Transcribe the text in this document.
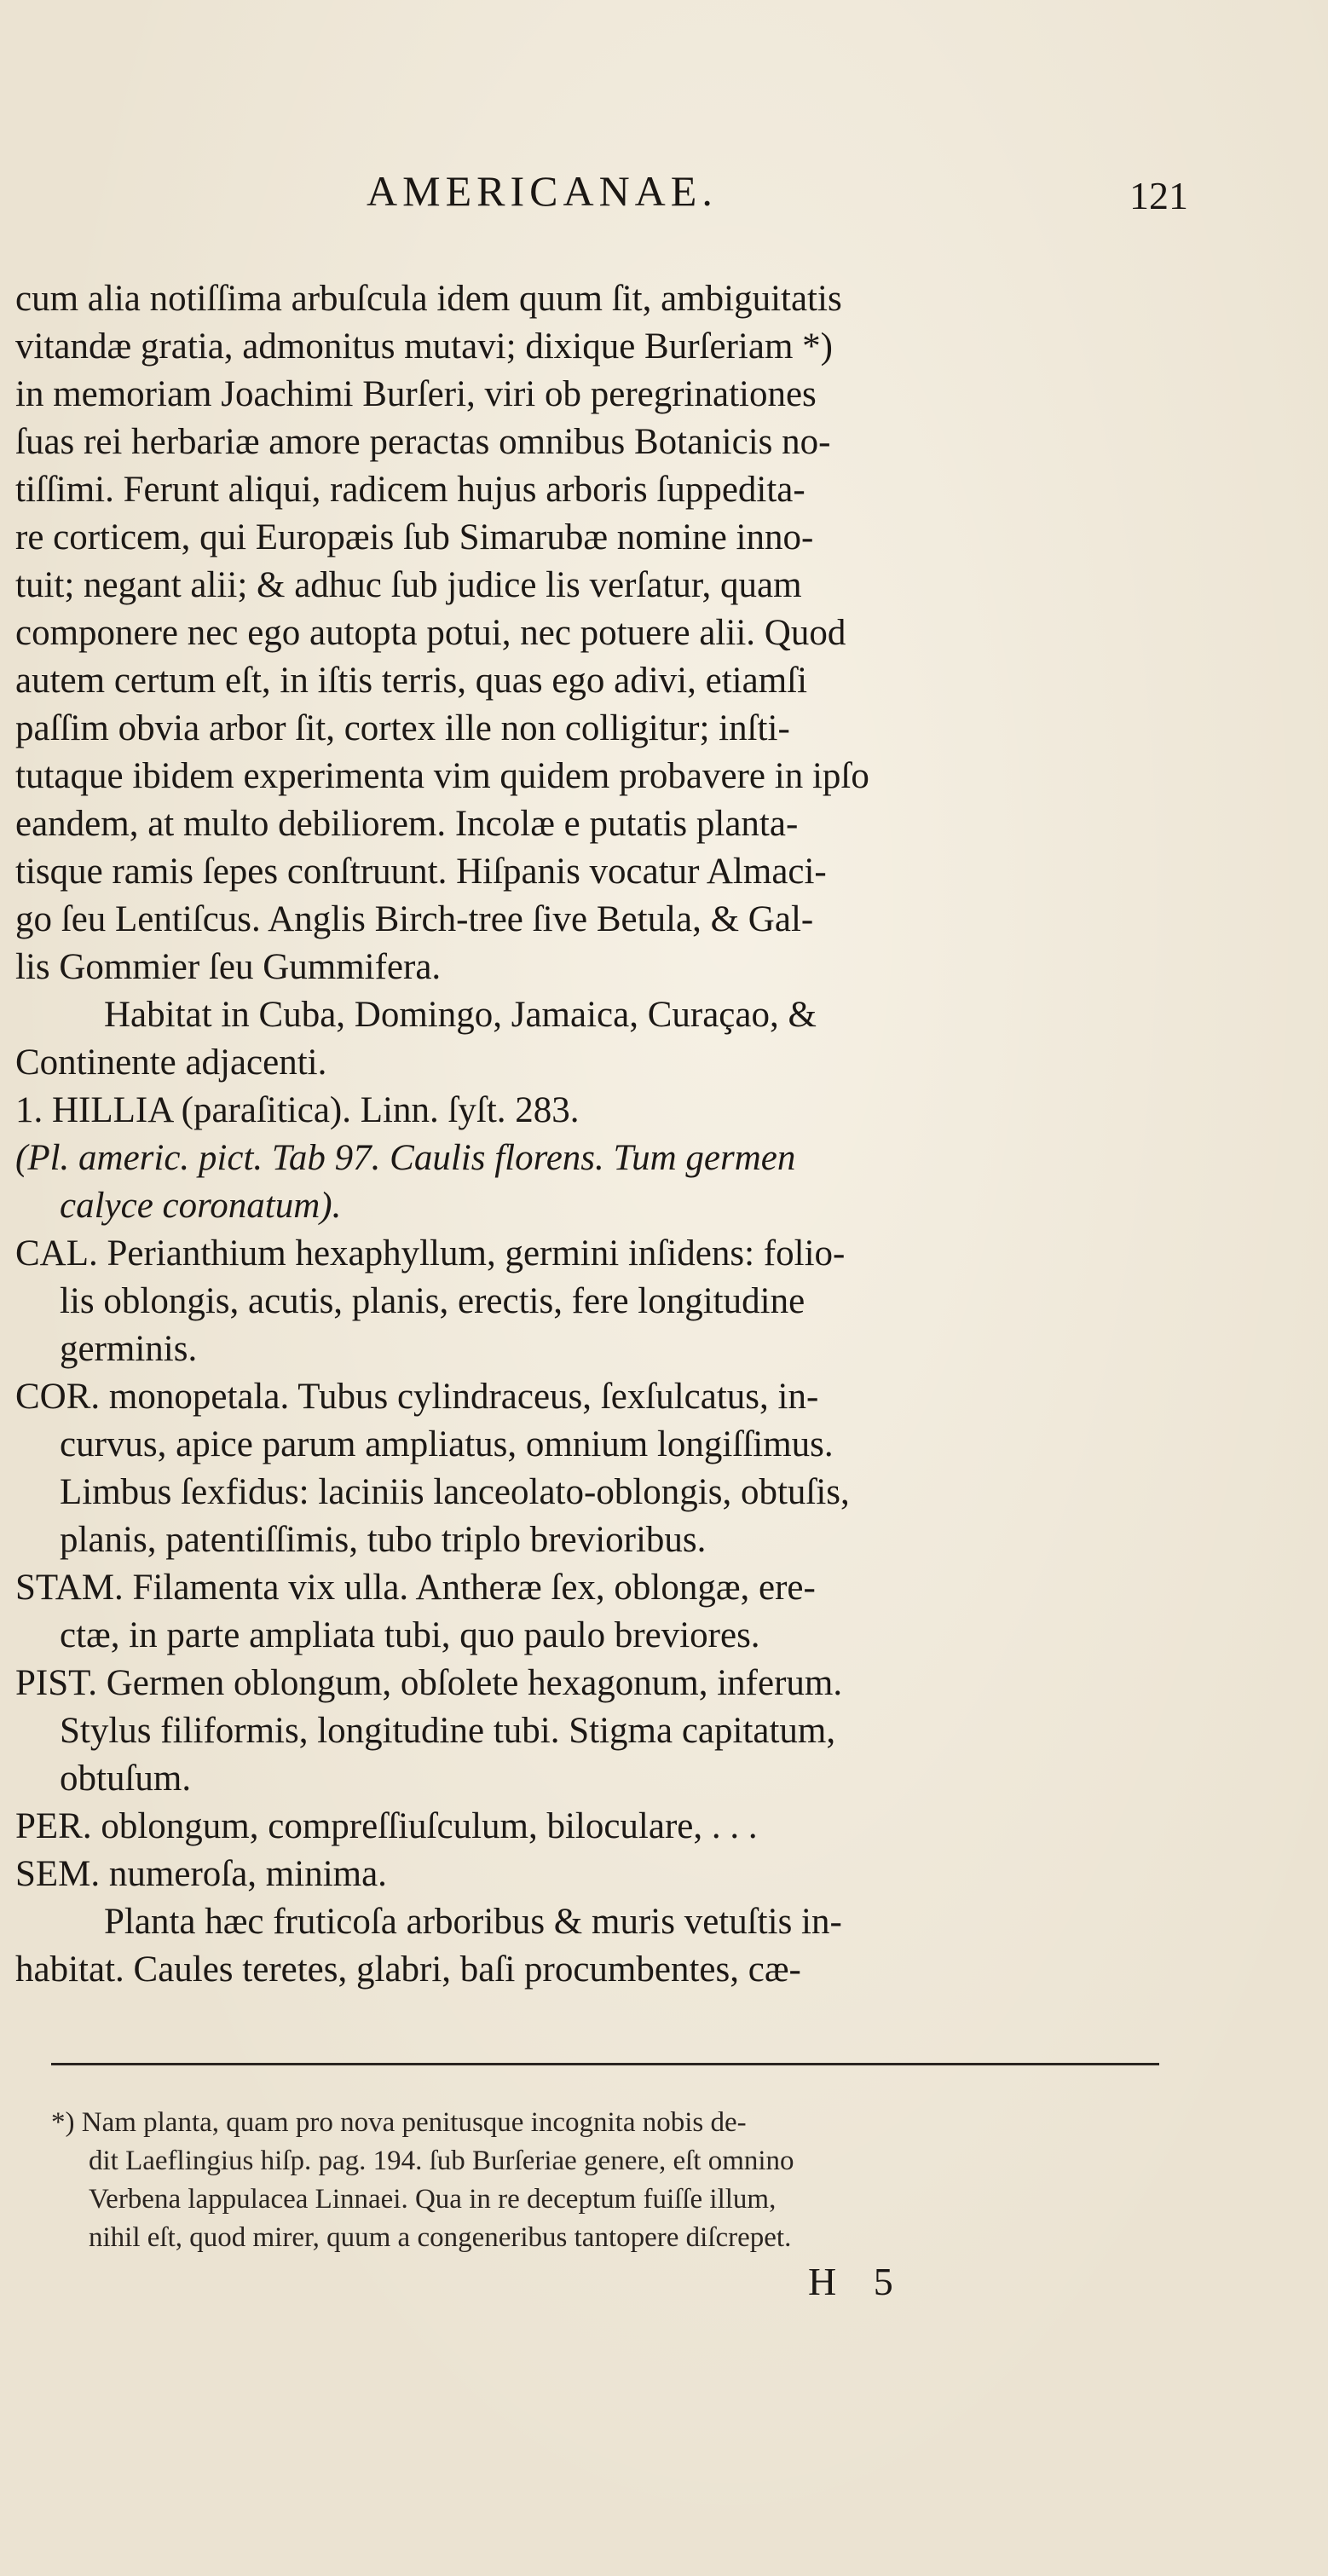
AMERICANAE.	121
cum alia notiſſima arbuſcula idem quum ſit, ambiguitatis
vitandæ gratia, admonitus mutavi; dixique Burſeriam *)
in memoriam Joachimi Burſeri, viri ob peregrinationes
ſuas rei herbariæ amore peractas omnibus Botanicis no-
tiſſimi. Ferunt aliqui, radicem hujus arboris ſuppedita-
re corticem, qui Europæis ſub Simarubæ nomine inno-
tuit; negant alii; & adhuc ſub judice lis verſatur, quam
componere nec ego autopta potui, nec potuere alii. Quod
autem certum eſt, in iſtis terris, quas ego adivi, etiamſi
paſſim obvia arbor ſit, cortex ille non colligitur; inſti-
tutaque ibidem experimenta vim quidem probavere in ipſo
eandem, at multo debiliorem. Incolæ e putatis planta-
tisque ramis ſepes conſtruunt. Hiſpanis vocatur Almaci-
go ſeu Lentiſcus. Anglis Birch-tree ſive Betula, & Gal-
lis Gommier ſeu Gummifera.
Habitat in Cuba, Domingo, Jamaica, Curaçao, &
Continente adjacenti.
1. HILLIA (paraſitica). Linn. ſyſt. 283.
(Pl. americ. pict. Tab 97. Caulis florens. Tum germen
calyce coronatum).
CAL. Perianthium hexaphyllum, germini inſidens: folio-
lis oblongis, acutis, planis, erectis, fere longitudine
germinis.
COR. monopetala. Tubus cylindraceus, ſexſulcatus, in-
curvus, apice parum ampliatus, omnium longiſſimus.
Limbus ſexfidus: laciniis lanceolato-oblongis, obtuſis,
planis, patentiſſimis, tubo triplo brevioribus.
STAM. Filamenta vix ulla. Antheræ ſex, oblongæ, ere-
ctæ, in parte ampliata tubi, quo paulo breviores.
PIST. Germen oblongum, obſolete hexagonum, inferum.
Stylus filiformis, longitudine tubi. Stigma capitatum,
obtuſum.
PER. oblongum, compreſſiuſculum, biloculare, . . .
SEM. numeroſa, minima.
Planta hæc fruticoſa arboribus & muris vetuſtis in-
habitat. Caules teretes, glabri, baſi procumbentes, cæ-
*) Nam planta, quam pro nova penitusque incognita nobis de-
dit Laeflingius hiſp. pag. 194. ſub Burſeriae genere, eſt omnino
Verbena lappulacea Linnaei. Qua in re deceptum fuiſſe illum,
nihil eſt, quod mirer, quum a congeneribus tantopere diſcrepet.
H 5
